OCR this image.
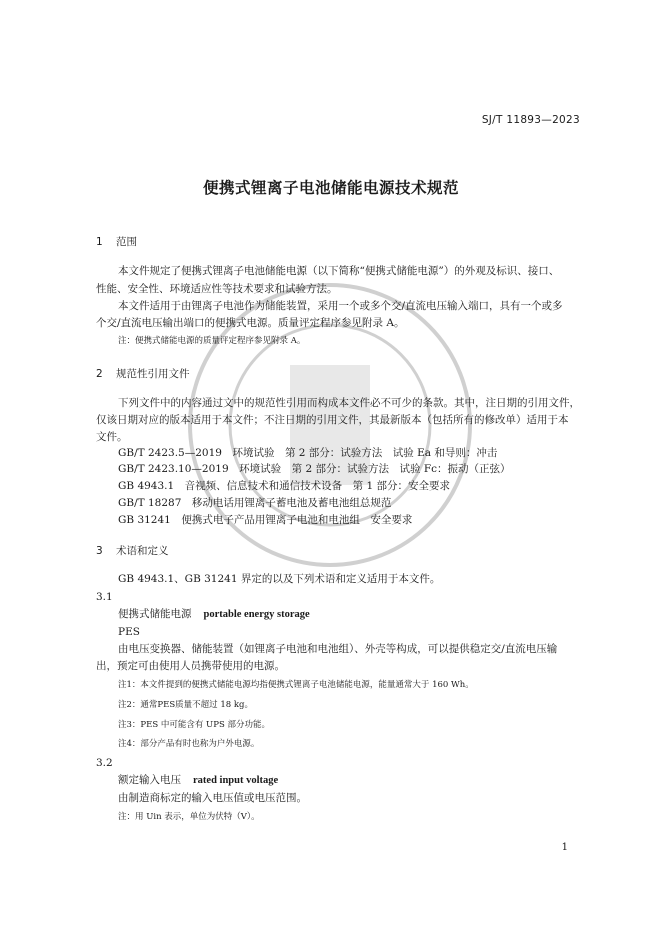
SJ/T 11893—2023
便携式锂离子电池储能电源技术规范
1 范围
本文件规定了便携式锂离子电池储能电源（以下简称“便携式储能电源”）的外观及标识、接口、
性能、安全性、环境适应性等技术要求和试验方法。
本文件适用于由锂离子电池作为储能装置，采用一个或多个交/直流电压输入端口，具有一个或多
个交/直流电压输出端口的便携式电源。质量评定程序参见附录 A。
注：便携式储能电源的质量评定程序参见附录 A。
2 规范性引用文件
下列文件中的内容通过文中的规范性引用而构成本文件必不可少的条款。其中，注日期的引用文件，
仅该日期对应的版本适用于本文件；不注日期的引用文件，其最新版本（包括所有的修改单）适用于本
文件。
GB/T 2423.5—2019　环境试验　第 2 部分：试验方法　试验 Ea 和导则：冲击
GB/T 2423.10—2019　环境试验　第 2 部分：试验方法　试验 Fc：振动（正弦）
GB 4943.1　音视频、信息技术和通信技术设备　第 1 部分：安全要求
GB/T 18287　移动电话用锂离子蓄电池及蓄电池组总规范
GB 31241　便携式电子产品用锂离子电池和电池组　安全要求
3 术语和定义
GB 4943.1、GB 31241 界定的以及下列术语和定义适用于本文件。
3.1
便携式储能电源 portable energy storage
PES
由电压变换器、储能装置（如锂离子电池和电池组）、外壳等构成，可以提供稳定交/直流电压输
出，预定可由使用人员携带使用的电源。
注1：本文件提到的便携式储能电源均指便携式锂离子电池储能电源，能量通常大于 160 Wh。
注2：通常PES质量不超过 18 kg。
注3：PES 中可能含有 UPS 部分功能。
注4：部分产品有时也称为户外电源。
3.2
额定输入电压 rated input voltage
由制造商标定的输入电压值或电压范围。
注：用 Uin 表示，单位为伏特（V）。
1
